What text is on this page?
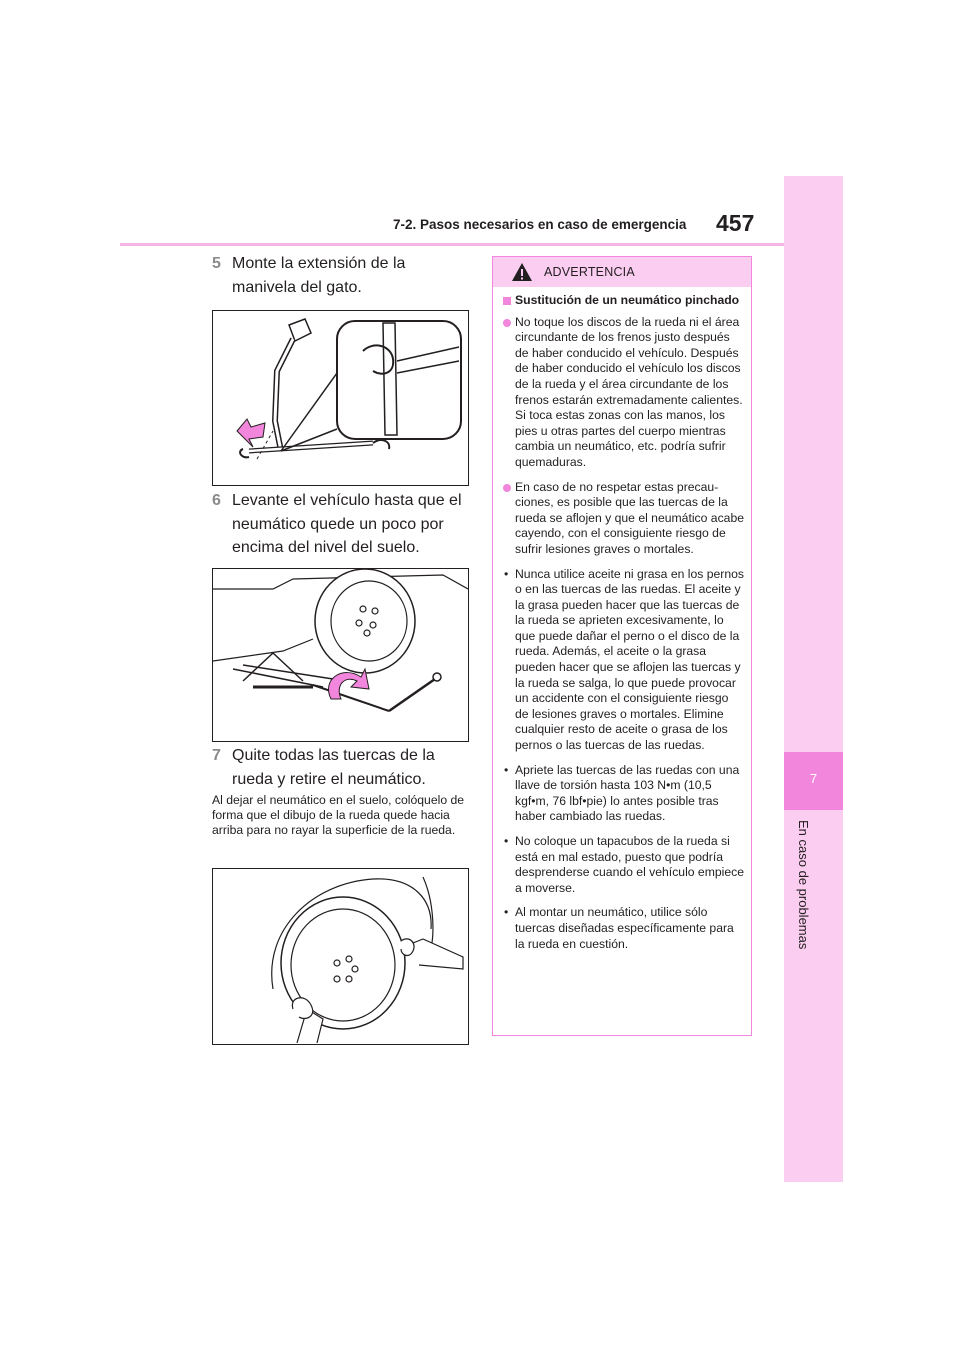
7-2. Pasos necesarios en caso de emergencia 457
7
En caso de problemas
5 Monte la extensión de la manivela del gato.
6 Levante el vehículo hasta que el neumático quede un poco por encima del nivel del suelo.
7 Quite todas las tuercas de la rueda y retire el neumático.
Al dejar el neumático en el suelo, colóquelo de forma que el dibujo de la rueda quede hacia arriba para no rayar la superficie de la rueda.
ADVERTENCIA
Sustitución de un neumático pinchado
No toque los discos de la rueda ni el área circundante de los frenos justo después de haber conducido el vehículo. Después de haber conducido el vehículo los discos de la rueda y el área circundante de los frenos estarán extremadamente calientes. Si toca estas zonas con las manos, los pies u otras partes del cuerpo mientras cambia un neumático, etc. podría sufrir quemaduras.
En caso de no respetar estas precauciones, es posible que las tuercas de la rueda se aflojen y que el neumático acabe cayendo, con el consiguiente riesgo de sufrir lesiones graves o mortales.
• Nunca utilice aceite ni grasa en los pernos o en las tuercas de las ruedas. El aceite y la grasa pueden hacer que las tuercas de la rueda se aprieten excesivamente, lo que puede dañar el perno o el disco de la rueda. Además, el aceite o la grasa pueden hacer que se aflojen las tuercas y la rueda se salga, lo que puede provocar un accidente con el consiguiente riesgo de lesiones graves o mortales. Elimine cualquier resto de aceite o grasa de los pernos o las tuercas de las ruedas.
• Apriete las tuercas de las ruedas con una llave de torsión hasta 103 N•m (10,5 kgf•m, 76 lbf•pie) lo antes posible tras haber cambiado las ruedas.
• No coloque un tapacubos de la rueda si está en mal estado, puesto que podría desprenderse cuando el vehículo empiece a moverse.
• Al montar un neumático, utilice sólo tuercas diseñadas específicamente para la rueda en cuestión.
